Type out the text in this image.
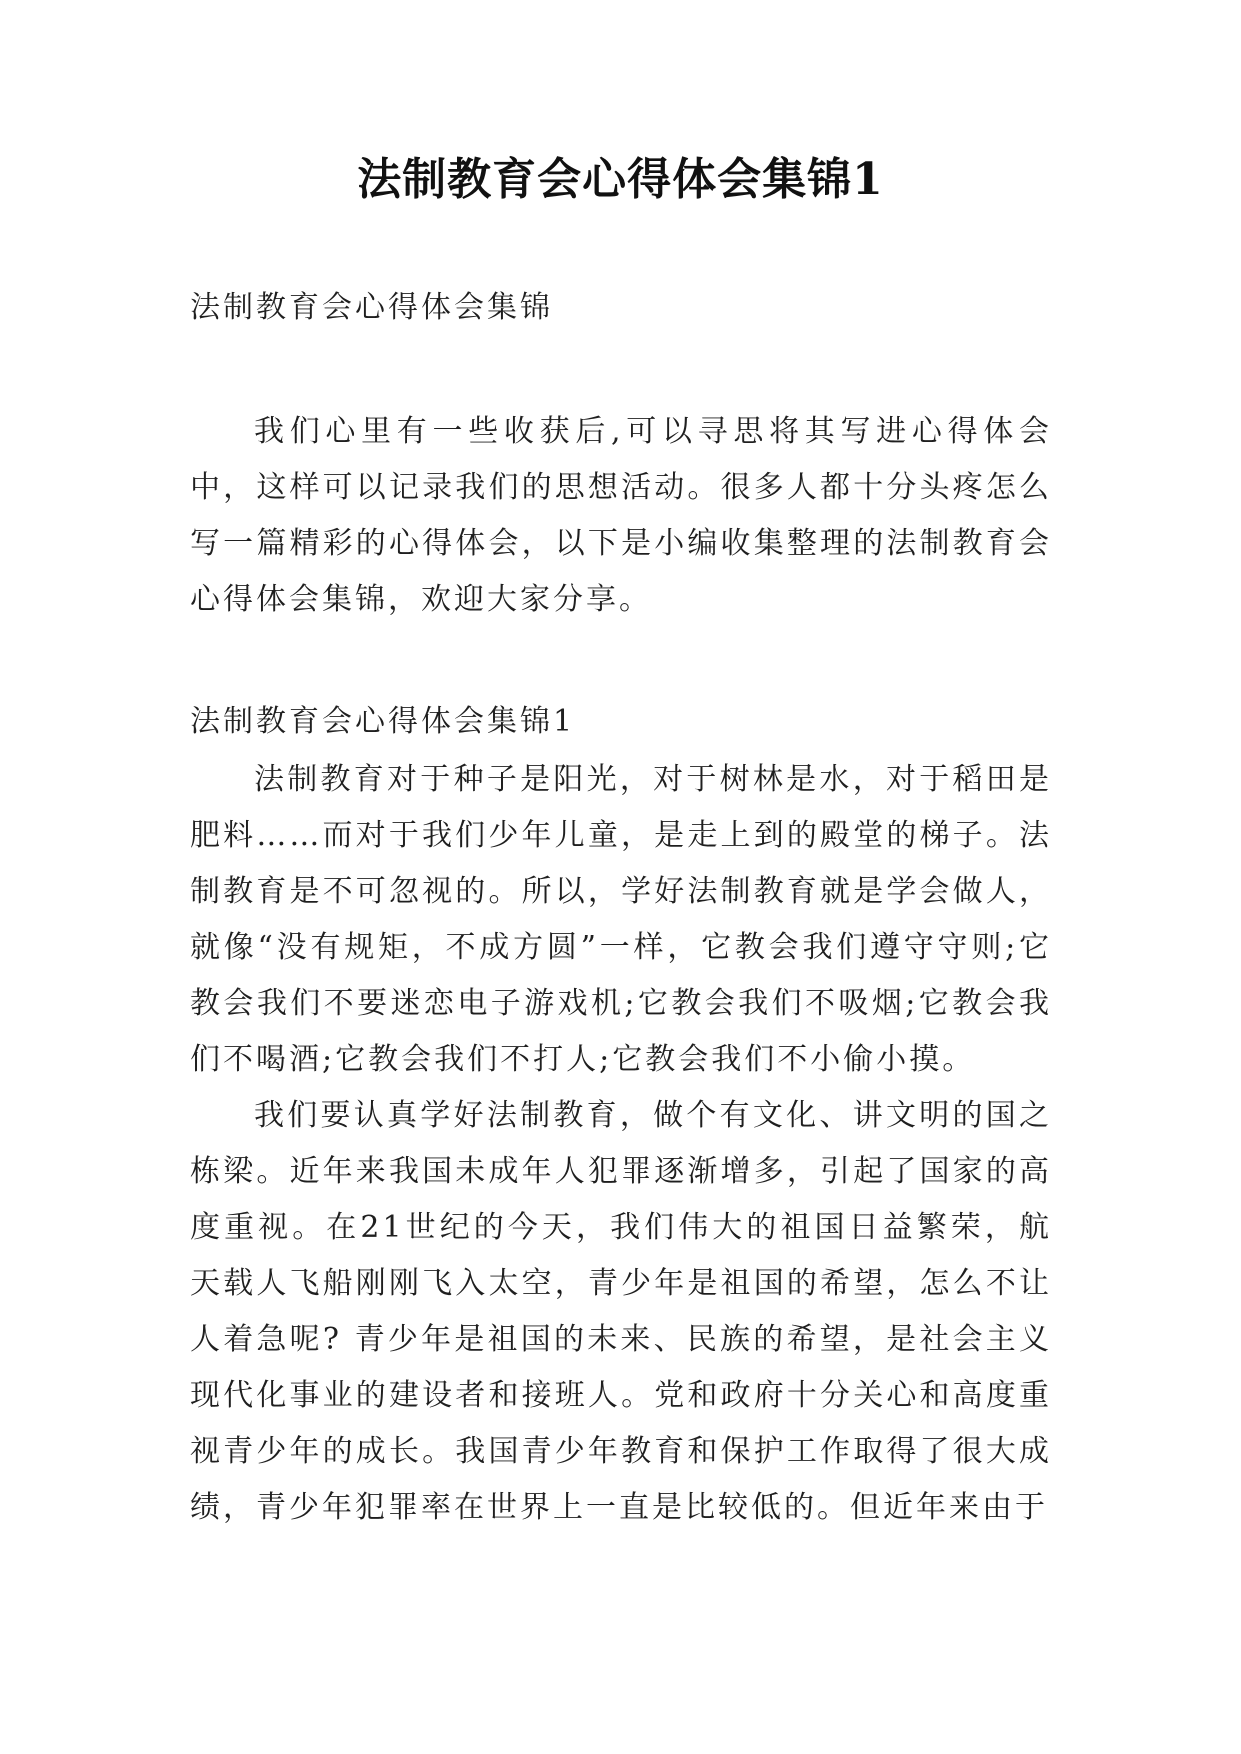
法制教育会心得体会集锦1
法制教育会心得体会集锦
我们心里有一些收获后,可以寻思将其写进心得体会中，这样可以记录我们的思想活动。很多人都十分头疼怎么写一篇精彩的心得体会，以下是小编收集整理的法制教育会心得体会集锦，欢迎大家分享。
法制教育会心得体会集锦1

法制教育对于种子是阳光，对于树林是水，对于稻田是肥料……而对于我们少年儿童，是走上到的殿堂的梯子。法制教育是不可忽视的。所以，学好法制教育就是学会做人，就像“没有规矩，不成方圆”一样，它教会我们遵守守则;它教会我们不要迷恋电子游戏机;它教会我们不吸烟;它教会我们不喝酒;它教会我们不打人;它教会我们不小偷小摸。

我们要认真学好法制教育，做个有文化、讲文明的国之栋梁。近年来我国未成年人犯罪逐渐增多，引起了国家的高度重视。在21世纪的今天，我们伟大的祖国日益繁荣，航天载人飞船刚刚飞入太空，青少年是祖国的希望，怎么不让人着急呢? 青少年是祖国的未来、民族的希望，是社会主义现代化事业的建设者和接班人。党和政府十分关心和高度重视青少年的成长。我国青少年教育和保护工作取得了很大成绩，青少年犯罪率在世界上一直是比较低的。但近年来由于
